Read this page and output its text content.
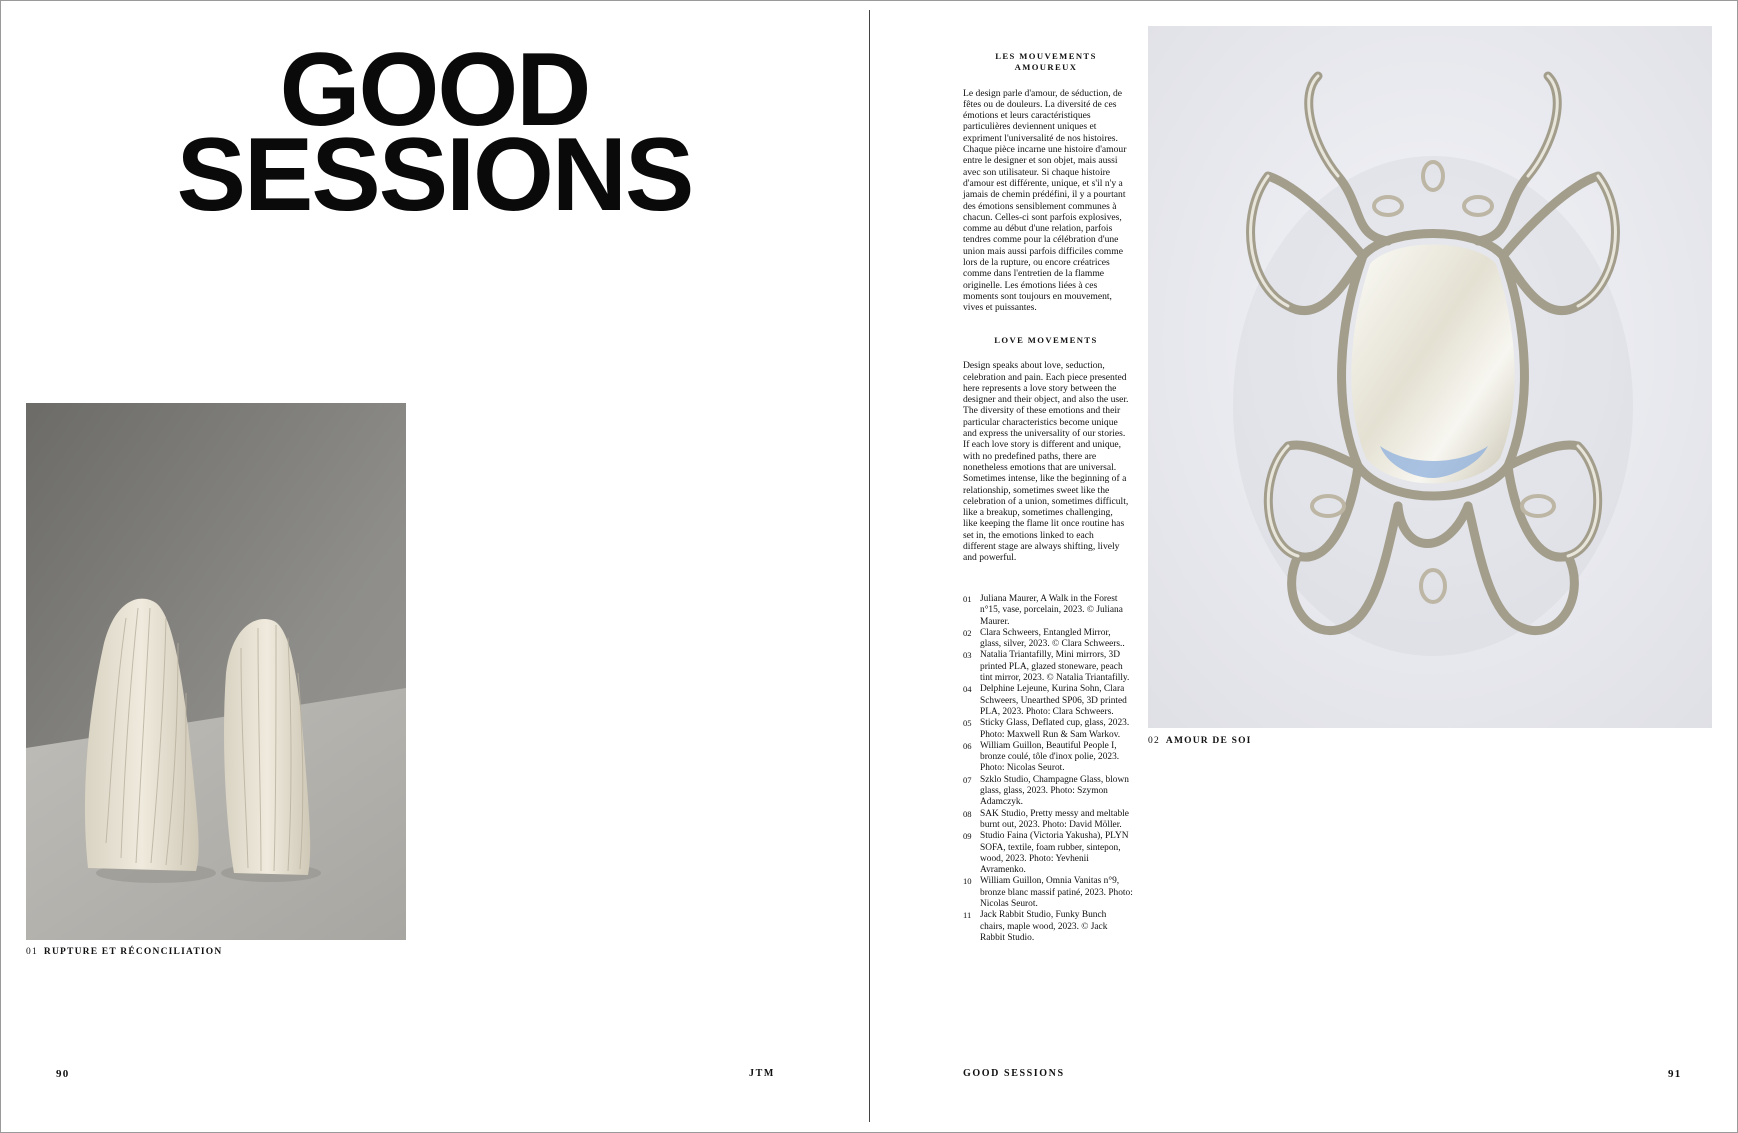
GOOD
SESSIONS
01 RUPTURE ET RÉCONCILIATION
90	JTM
LES MOUVEMENTS AMOUREUX

Le design parle d'amour, de séduction, de fêtes ou de douleurs. La diversité de ces émotions et leurs caractéristiques particulières deviennent uniques et expriment l'universalité de nos histoires. Chaque pièce incarne une histoire d'amour entre le designer et son objet, mais aussi avec son utilisateur. Si chaque histoire d'amour est différente, unique, et s'il n'y a jamais de chemin prédéfini, il y a pourtant des émotions sensiblement communes à chacun. Celles-ci sont parfois explosives, comme au début d'une relation, parfois tendres comme pour la célébration d'une union mais aussi parfois difficiles comme lors de la rupture, ou encore créatrices comme dans l'entretien de la flamme originelle. Les émotions liées à ces moments sont toujours en mouvement, vives et puissantes.

LOVE MOVEMENTS

Design speaks about love, seduction, celebration and pain. Each piece presented here represents a love story between the designer and their object, and also the user. The diversity of these emotions and their particular characteristics become unique and express the universality of our stories. If each love story is different and unique, with no predefined paths, there are nonetheless emotions that are universal. Sometimes intense, like the beginning of a relationship, sometimes sweet like the celebration of a union, sometimes difficult, like a breakup, sometimes challenging, like keeping the flame lit once routine has set in, the emotions linked to each different stage are always shifting, lively and powerful.

01 Juliana Maurer, A Walk in the Forest n°15, vase, porcelain, 2023. © Juliana Maurer.
02 Clara Schweers, Entangled Mirror, glass, silver, 2023. © Clara Schweers..
03 Natalia Triantafilly, Mini mirrors, 3D printed PLA, glazed stoneware, peach tint mirror, 2023. © Natalia Triantafilly.
04 Delphine Lejeune, Kurina Sohn, Clara Schweers, Unearthed SP06, 3D printed PLA, 2023. Photo: Clara Schweers.
05 Sticky Glass, Deflated cup, glass, 2023. Photo: Maxwell Run & Sam Warkov.
06 William Guillon, Beautiful People I, bronze coulé, tôle d'inox polie, 2023. Photo: Nicolas Seurot.
07 Szklo Studio, Champagne Glass, blown glass, glass, 2023. Photo: Szymon Adamczyk.
08 SAK Studio, Pretty messy and meltable burnt out, 2023. Photo: David Möller.
09 Studio Faina (Victoria Yakusha), PLYN SOFA, textile, foam rubber, sintepon, wood, 2023. Photo: Yevhenii Avramenko.
10 William Guillon, Omnia Vanitas n°9, bronze blanc massif patiné, 2023. Photo: Nicolas Seurot.
11 Jack Rabbit Studio, Funky Bunch chairs, maple wood, 2023. © Jack Rabbit Studio.
02 AMOUR DE SOI
GOOD SESSIONS	91
